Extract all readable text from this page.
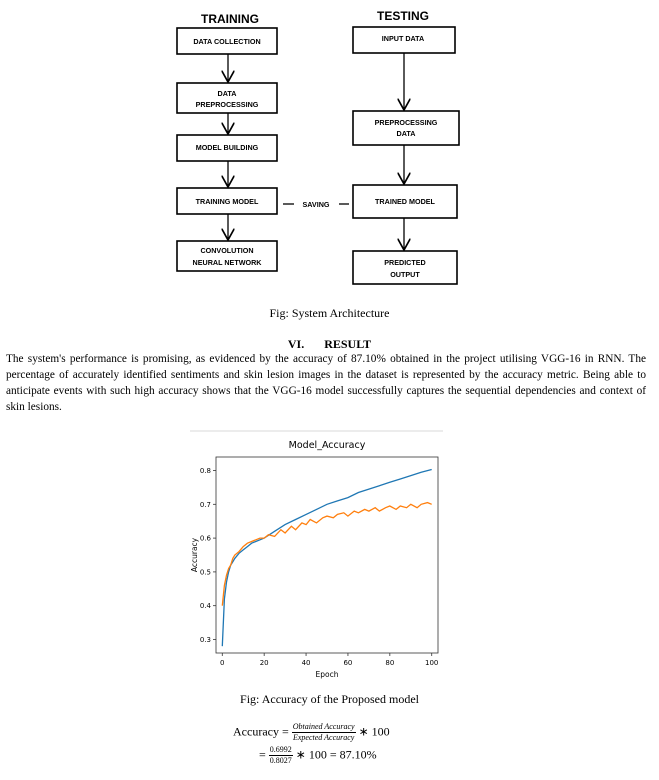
TRAINING	TESTING
DATA COLLECTION
DATA
PREPROCESSING
MODEL BUILDING
TRAINING MODEL
CONVOLUTION
NEURAL NETWORK
INPUT DATA
PREPROCESSING
DATA
TRAINED MODEL
PREDICTED
OUTPUT
SAVING
Fig: System Architecture
VI. RESULT
The system's performance is promising, as evidenced by the accuracy of 87.10% obtained in the project utilising VGG-16 in RNN. The percentage of accurately identified sentiments and skin lesion images in the dataset is represented by the accuracy metric. Being able to anticipate events with such high accuracy shows that the VGG-16 model successfully captures the sequential dependencies and context of skin lesions.
Model_Accuracy
0	20	40	60	80	100
0.3
0.4
0.5
0.6
0.7
0.8
Epoch
Accuracy
Fig: Accuracy of the Proposed model
Accuracy = $\frac{\text{Obtained Accuracy}}{\text{Expected Accuracy}}$ ∗ 100
= $\frac{0.6992}{0.8027}$ ∗ 100 = 87.10%
